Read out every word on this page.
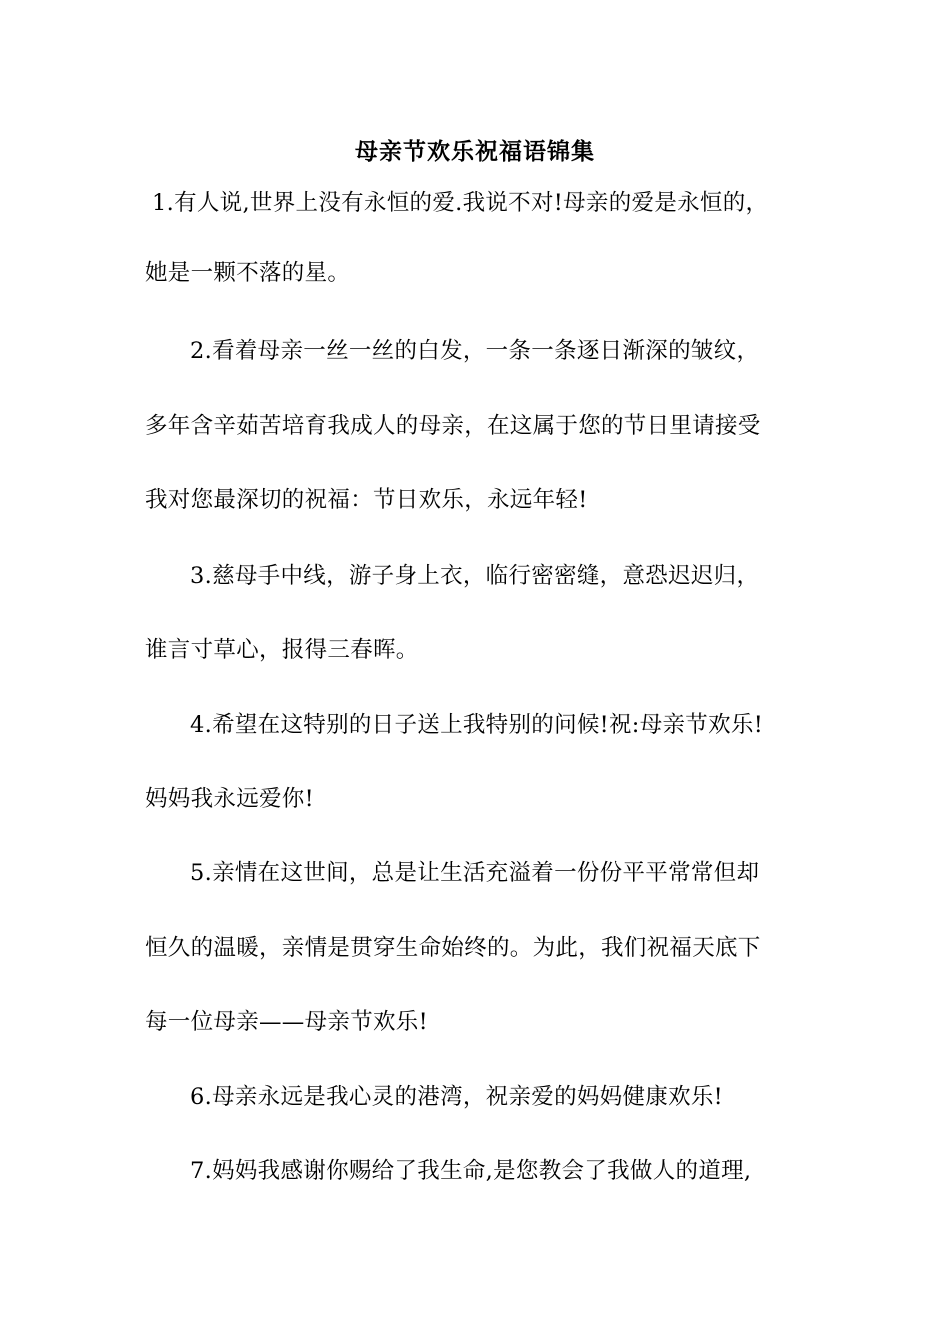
母亲节欢乐祝福语锦集
1.有人说,世界上没有永恒的爱.我说不对!母亲的爱是永恒的，
她是一颗不落的星。
2.看着母亲一丝一丝的白发，一条一条逐日渐深的皱纹，
多年含辛茹苦培育我成人的母亲，在这属于您的节日里请接受
我对您最深切的祝福：节日欢乐，永远年轻!
3.慈母手中线，游子身上衣，临行密密缝，意恐迟迟归，
谁言寸草心，报得三春晖。
4.希望在这特别的日子送上我特别的问候!祝:母亲节欢乐!
妈妈我永远爱你!
5.亲情在这世间，总是让生活充溢着一份份平平常常但却
恒久的温暖，亲情是贯穿生命始终的。为此，我们祝福天底下
每一位母亲——母亲节欢乐!
6.母亲永远是我心灵的港湾，祝亲爱的妈妈健康欢乐!
7.妈妈我感谢你赐给了我生命,是您教会了我做人的道理,
